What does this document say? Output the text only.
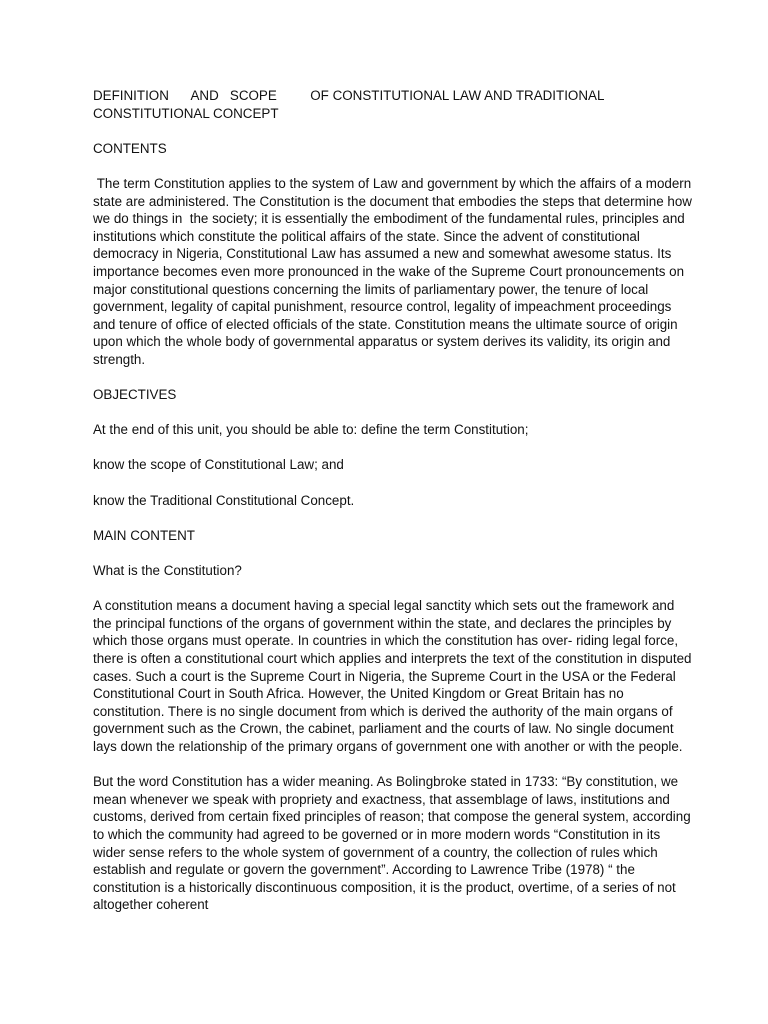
DEFINITION      AND   SCOPE         OF CONSTITUTIONAL LAW AND TRADITIONAL
CONSTITUTIONAL CONCEPT

CONTENTS

The term Constitution applies to the system of Law and government by which the affairs of a modern state are administered. The Constitution is the document that embodies the steps that determine how we do things in  the society; it is essentially the embodiment of the fundamental rules, principles and institutions which constitute the political affairs of the state. Since the advent of constitutional democracy in Nigeria, Constitutional Law has assumed a new and somewhat awesome status. Its importance becomes even more pronounced in the wake of the Supreme Court pronouncements on major constitutional questions concerning the limits of parliamentary power, the tenure of local government, legality of capital punishment, resource control, legality of impeachment proceedings and tenure of office of elected officials of the state. Constitution means the ultimate source of origin upon which the whole body of governmental apparatus or system derives its validity, its origin and strength.

OBJECTIVES

At the end of this unit, you should be able to: define the term Constitution;

know the scope of Constitutional Law; and

know the Traditional Constitutional Concept.

MAIN CONTENT

What is the Constitution?

A constitution means a document having a special legal sanctity which sets out the framework and the principal functions of the organs of government within the state, and declares the principles by which those organs must operate. In countries in which the constitution has over- riding legal force, there is often a constitutional court which applies and interprets the text of the constitution in disputed cases. Such a court is the Supreme Court in Nigeria, the Supreme Court in the USA or the Federal Constitutional Court in South Africa. However, the United Kingdom or Great Britain has no constitution. There is no single document from which is derived the authority of the main organs of government such as the Crown, the cabinet, parliament and the courts of law. No single document lays down the relationship of the primary organs of government one with another or with the people.

But the word Constitution has a wider meaning. As Bolingbroke stated in 1733: “By constitution, we mean whenever we speak with propriety and exactness, that assemblage of laws, institutions and customs, derived from certain fixed principles of reason; that compose the general system, according to which the community had agreed to be governed or in more modern words “Constitution in its wider sense refers to the whole system of government of a country, the collection of rules which establish and regulate or govern the government”. According to Lawrence Tribe (1978) “ the constitution is a historically discontinuous composition, it is the product, overtime, of a series of not altogether coherent
